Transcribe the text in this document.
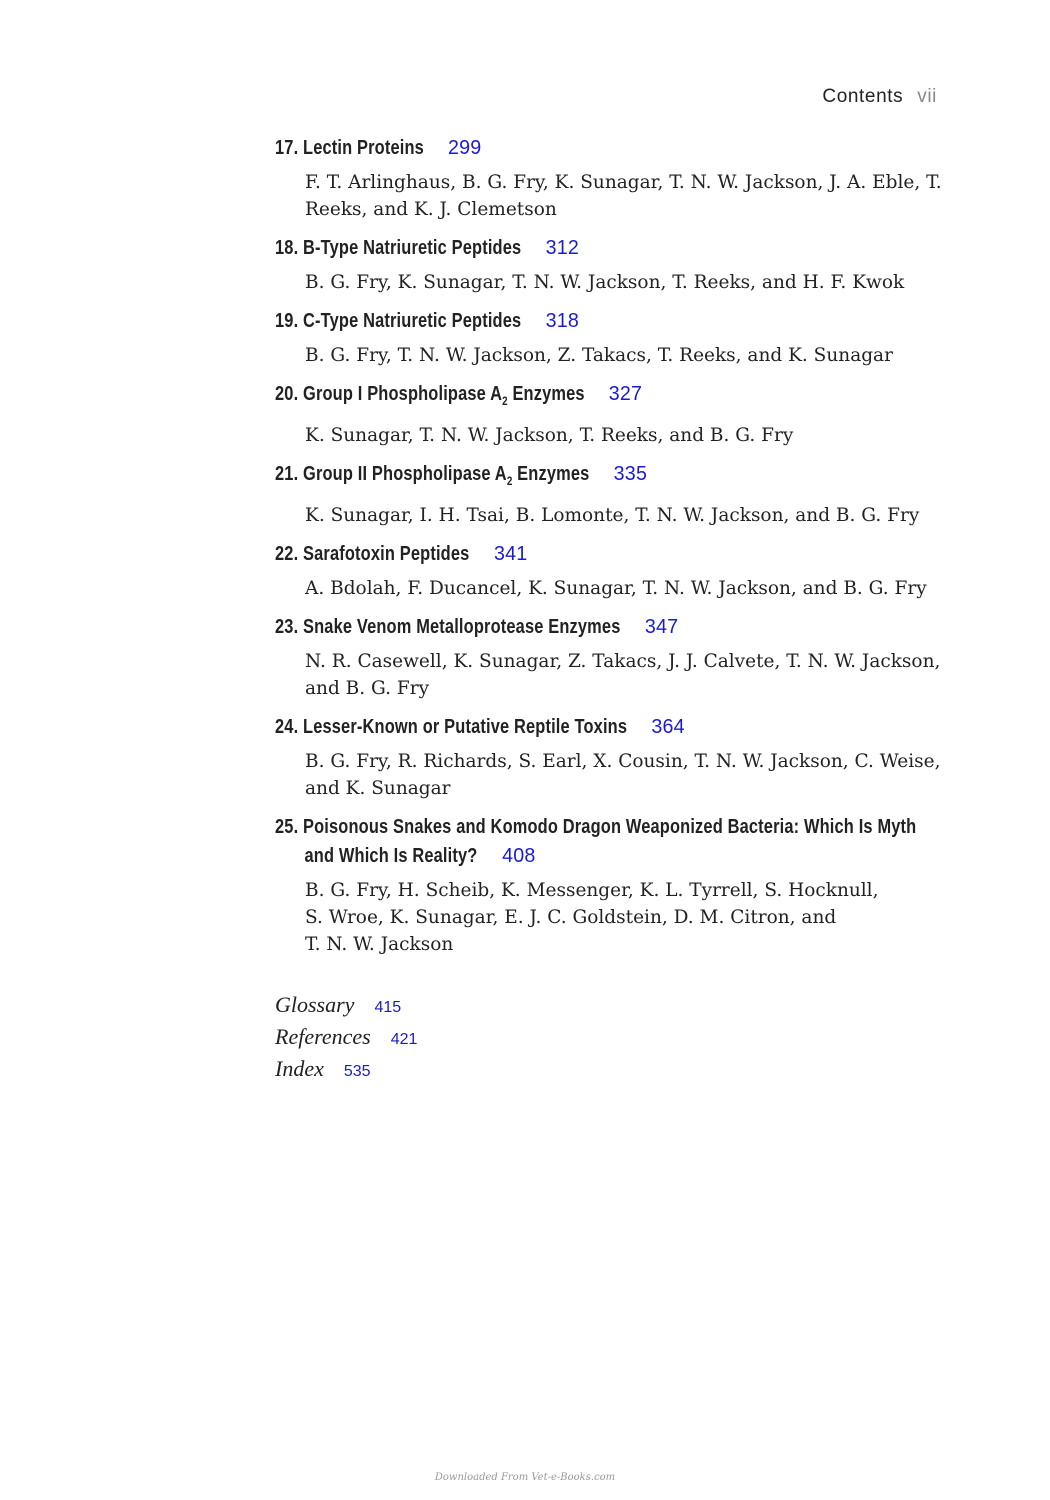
Contents vii
17. Lectin Proteins 299
F. T. Arlinghaus, B. G. Fry, K. Sunagar, T. N. W. Jackson, J. A. Eble, T. Reeks, and K. J. Clemetson
18. B-Type Natriuretic Peptides 312
B. G. Fry, K. Sunagar, T. N. W. Jackson, T. Reeks, and H. F. Kwok
19. C-Type Natriuretic Peptides 318
B. G. Fry, T. N. W. Jackson, Z. Takacs, T. Reeks, and K. Sunagar
20. Group I Phospholipase $A_2$ Enzymes 327
K. Sunagar, T. N. W. Jackson, T. Reeks, and B. G. Fry
21. Group II Phospholipase $A_2$ Enzymes 335
K. Sunagar, I. H. Tsai, B. Lomonte, T. N. W. Jackson, and B. G. Fry
22. Sarafotoxin Peptides 341
A. Bdolah, F. Ducancel, K. Sunagar, T. N. W. Jackson, and B. G. Fry
23. Snake Venom Metalloprotease Enzymes 347
N. R. Casewell, K. Sunagar, Z. Takacs, J. J. Calvete, T. N. W. Jackson, and B. G. Fry
24. Lesser-Known or Putative Reptile Toxins 364
B. G. Fry, R. Richards, S. Earl, X. Cousin, T. N. W. Jackson, C. Weise, and K. Sunagar
25. Poisonous Snakes and Komodo Dragon Weaponized Bacteria: Which Is Myth
and Which Is Reality? 408
B. G. Fry, H. Scheib, K. Messenger, K. L. Tyrrell, S. Hocknull,
S. Wroe, K. Sunagar, E. J. C. Goldstein, D. M. Citron, and
T. N. W. Jackson
Glossary 415
References 421
Index 535
Downloaded From Vet-e-Books.com
